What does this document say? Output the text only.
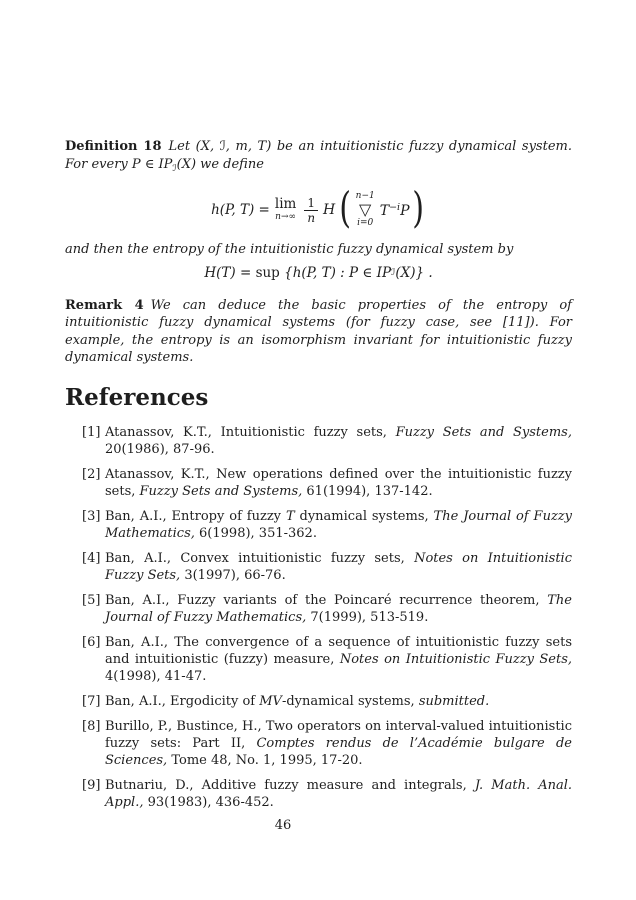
Definition 18 Let (X, ℐ, m, T) be an intuitionistic fuzzy dynamical system. For every P ∈ $IP_ℐ(X)$ we define

h(P, T) = lim
$n\to\infty \frac{1}{n}$ H ( n−1
▽
i=0
$T^{-i}P$ )

and then the entropy of the intuitionistic fuzzy dynamical system by

H(T) =
sup
{h(P, T) : P ∈ IP ℐ (X)} .

Remark 4 We can deduce the basic properties of the entropy of intuitionistic fuzzy dynamical systems (for fuzzy case, see [11]). For example, the entropy is an isomorphism invariant for intuitionistic fuzzy dynamical systems.

References
[1] Atanassov, K.T., Intuitionistic fuzzy sets, Fuzzy Sets and Systems, 20(1986), 87-96.
[2] Atanassov, K.T., New operations defined over the intuitionistic fuzzy sets, Fuzzy Sets and Systems, 61(1994), 137-142.
[3] Ban, A.I., Entropy of fuzzy T dynamical systems, The Journal of Fuzzy Mathematics, 6(1998), 351-362.
[4] Ban, A.I., Convex intuitionistic fuzzy sets, Notes on Intuitionistic Fuzzy Sets, 3(1997), 66-76.
[5] Ban, A.I., Fuzzy variants of the Poincaré recurrence theorem, The Journal of Fuzzy Mathematics, 7(1999), 513-519.
[6] Ban, A.I., The convergence of a sequence of intuitionistic fuzzy sets and intuitionistic (fuzzy) measure, Notes on Intuitionistic Fuzzy Sets, 4(1998), 41-47.
[7] Ban, A.I., Ergodicity of MV-dynamical systems, submitted.
[8] Burillo, P., Bustince, H., Two operators on interval-valued intuitionistic fuzzy sets: Part II, Comptes rendus de l’Académie bulgare de Sciences, Tome 48, No. 1, 1995, 17-20.
[9] Butnariu, D., Additive fuzzy measure and integrals, J. Math. Anal. Appl., 93(1983), 436-452.
46
